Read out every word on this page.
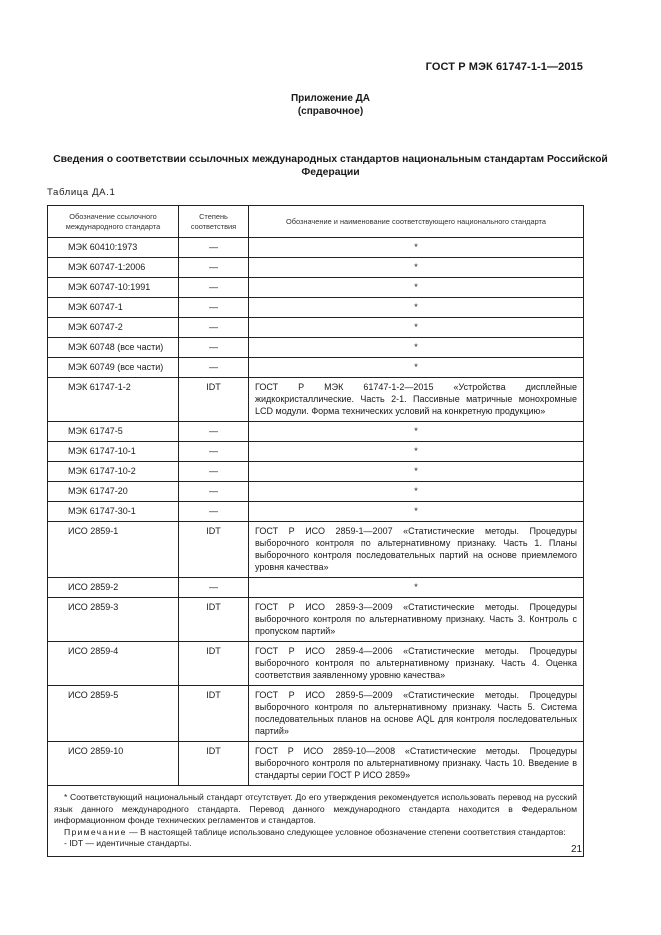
ГОСТ Р МЭК 61747-1-1—2015
Приложение ДА
(справочное)
Сведения о соответствии ссылочных международных стандартов национальным стандартам Российской Федерации
Таблица ДА.1
Обозначение ссылочного международного стандарта	Степень соответствия	Обозначение и наименование соответствующего национального стандарта
МЭК 60410:1973	—	*
МЭК 60747-1:2006	—	*
МЭК 60747-10:1991	—	*
МЭК 60747-1	—	*
МЭК 60747-2	—	*
МЭК 60748 (все части)	—	*
МЭК 60749 (все части)	—	*
МЭК 61747-1-2	IDT	ГОСТ Р МЭК 61747-1-2—2015 «Устройства дисплейные жидкокристаллические. Часть 2-1. Пассивные матричные монохромные LCD модули. Форма технических условий на конкретную продукцию»
МЭК 61747-5	—	*
МЭК 61747-10-1	—	*
МЭК 61747-10-2	—	*
МЭК 61747-20	—	*
МЭК 61747-30-1	—	*
ИСО 2859-1	IDT	ГОСТ Р ИСО 2859-1—2007 «Статистические методы. Процедуры выборочного контроля по альтернативному признаку. Часть 1. Планы выборочного контроля последовательных партий на основе приемлемого уровня качества»
ИСО 2859-2	—	*
ИСО 2859-3	IDT	ГОСТ Р ИСО 2859-3—2009 «Статистические методы. Процедуры выборочного контроля по альтернативному признаку. Часть 3. Контроль с пропуском партий»
ИСО 2859-4	IDT	ГОСТ Р ИСО 2859-4—2006 «Статистические методы. Процедуры выборочного контроля по альтернативному признаку. Часть 4. Оценка соответствия заявленному уровню качества»
ИСО 2859-5	IDT	ГОСТ Р ИСО 2859-5—2009 «Статистические методы. Процедуры выборочного контроля по альтернативному признаку. Часть 5. Система последовательных планов на основе AQL для контроля последовательных партий»
ИСО 2859-10	IDT	ГОСТ Р ИСО 2859-10—2008 «Статистические методы. Процедуры выборочного контроля по альтернативному признаку. Часть 10. Введение в стандарты серии ГОСТ Р ИСО 2859»

* Соответствующий национальный стандарт отсутствует. До его утверждения рекомендуется использовать перевод на русский язык данного международного стандарта. Перевод данного международного стандарта находится в Федеральном информационном фонде технических регламентов и стандартов.
Примечание — В настоящей таблице использовано следующее условное обозначение степени соответствия стандартов:
- IDT — идентичные стандарты.		
21
